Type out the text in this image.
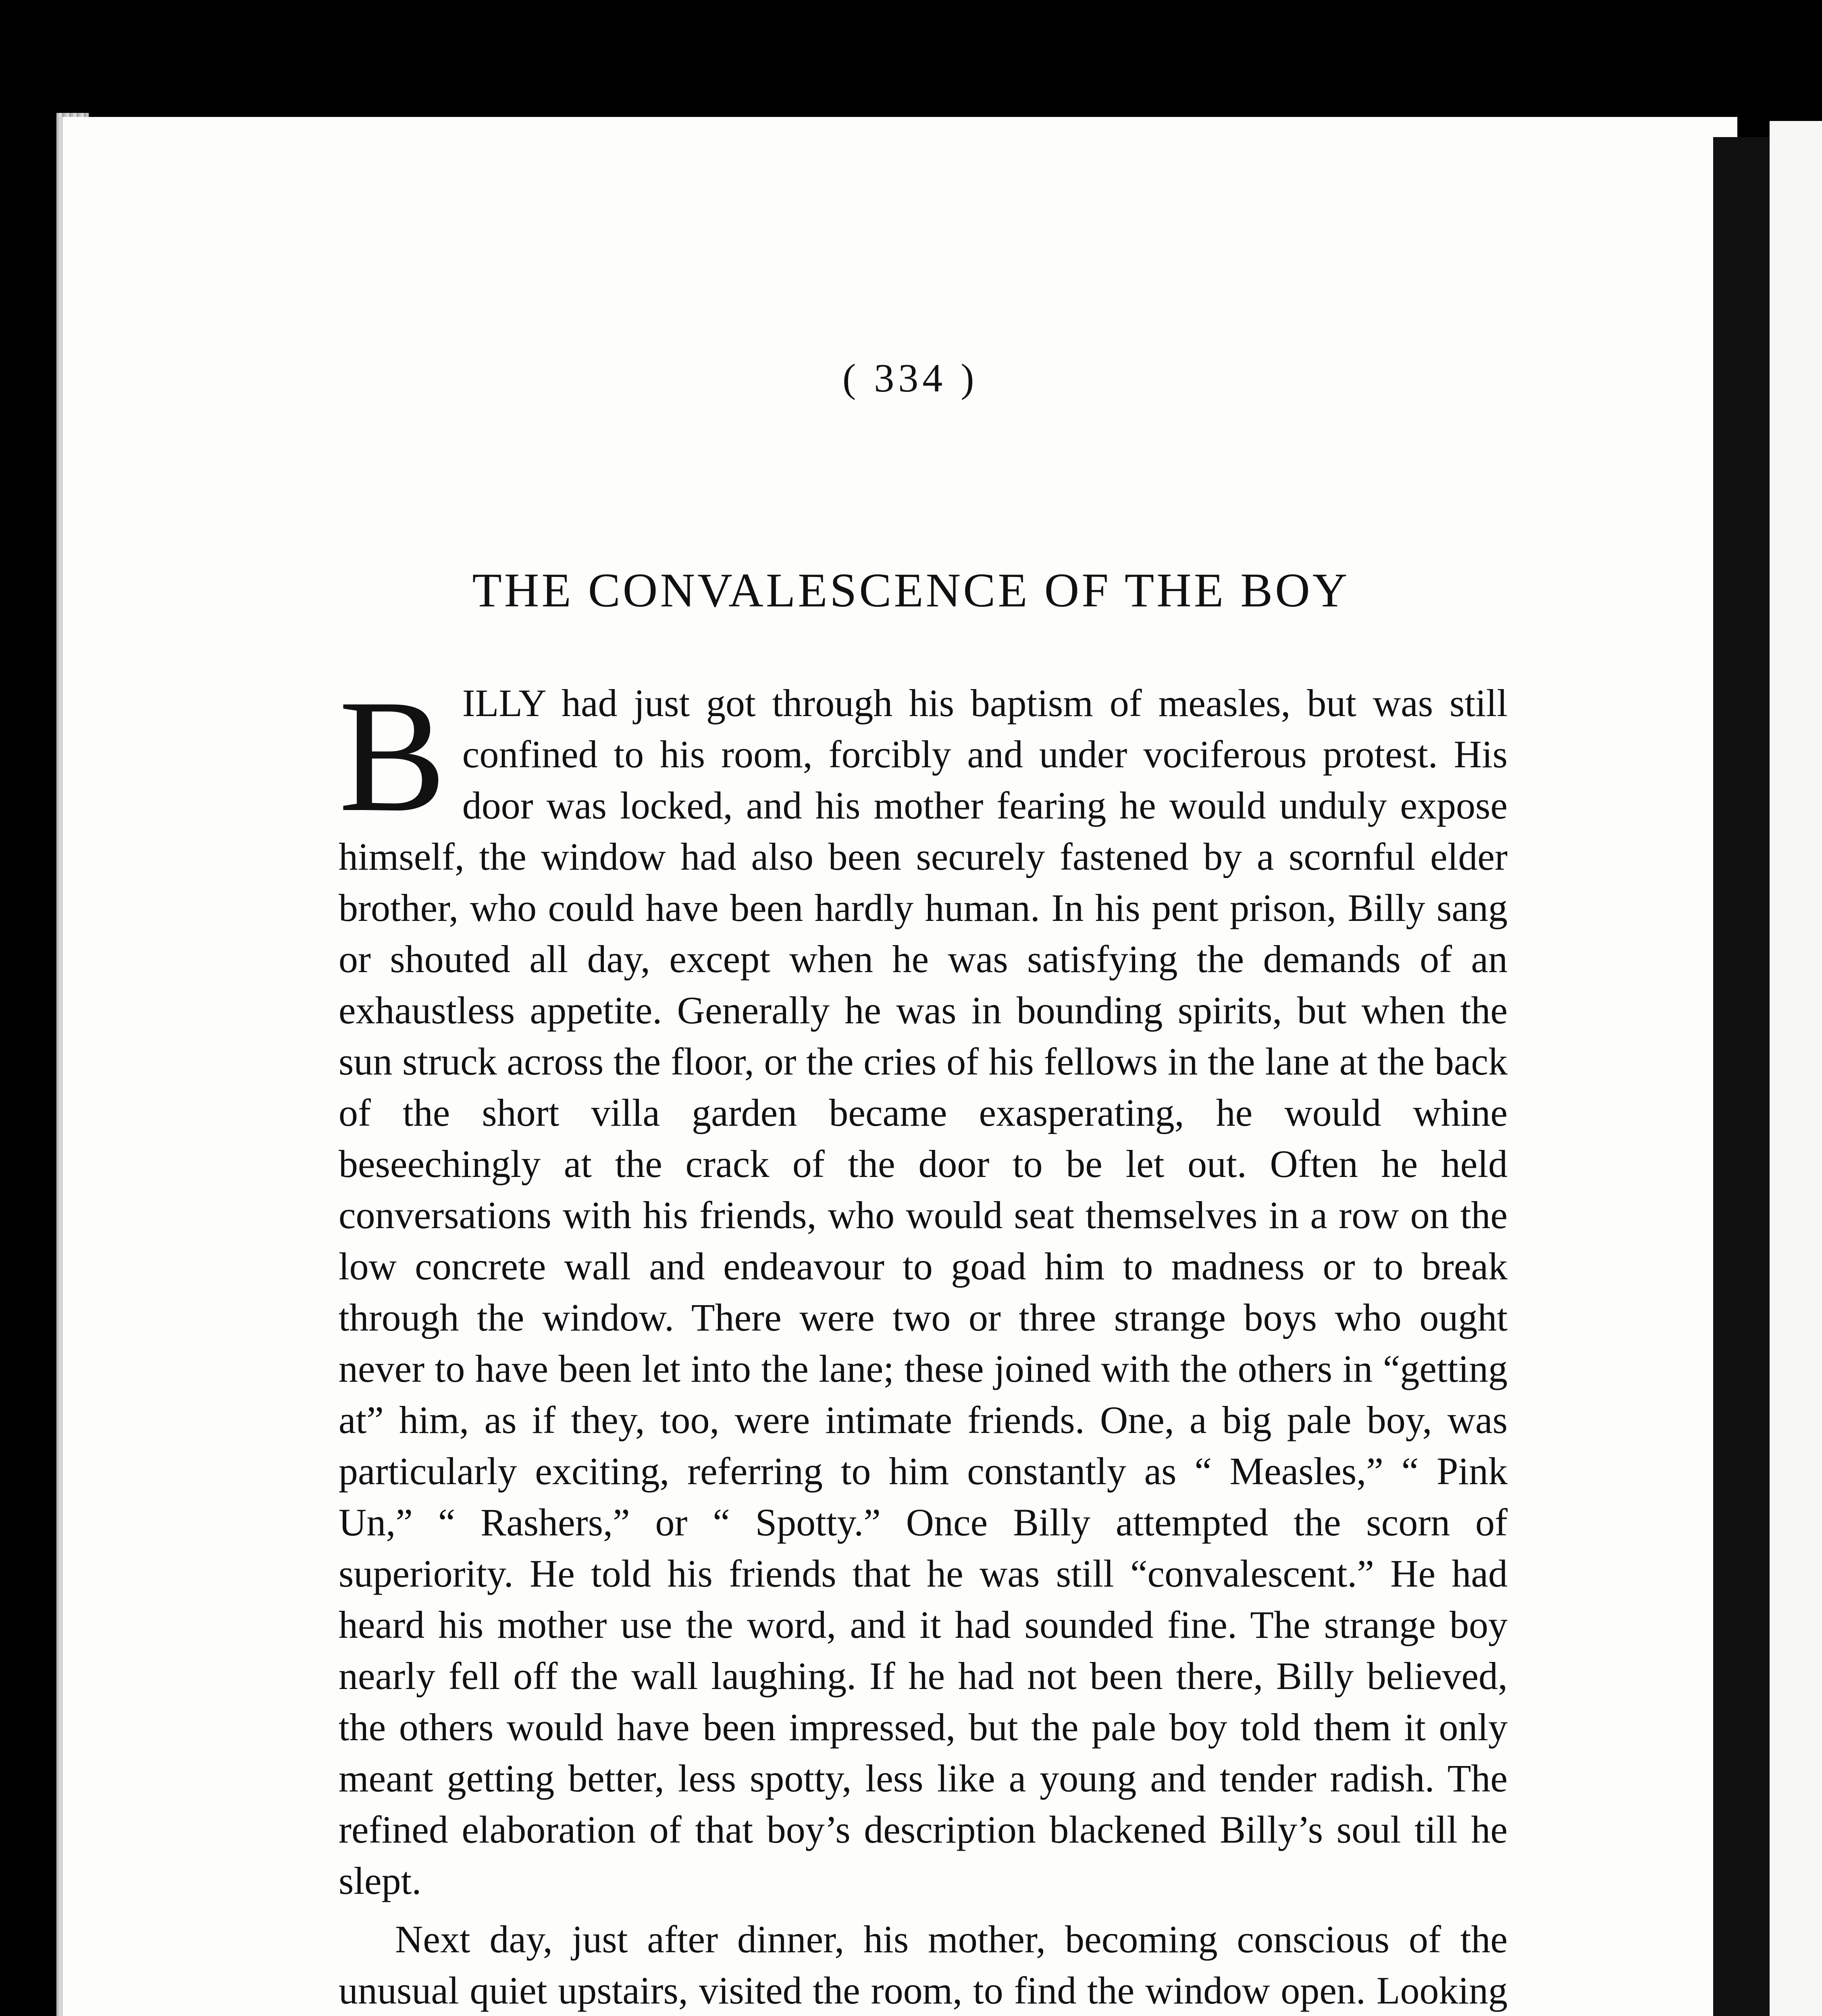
( 334 )
THE CONVALESCENCE OF THE BOY

BILLY had just got through his baptism of measles, but was still confined to his room, forcibly and under vociferous protest. His door was locked, and his mother fearing he would unduly expose himself, the window had also been securely fastened by a scornful elder brother, who could have been hardly human. In his pent prison, Billy sang or shouted all day, except when he was satisfying the demands of an exhaustless appetite. Generally he was in bounding spirits, but when the sun struck across the floor, or the cries of his fellows in the lane at the back of the short villa garden became exasperating, he would whine beseechingly at the crack of the door to be let out. Often he held conversations with his friends, who would seat themselves in a row on the low concrete wall and endeavour to goad him to madness or to break through the window. There were two or three strange boys who ought never to have been let into the lane; these joined with the others in “getting at” him, as if they, too, were intimate friends. One, a big pale boy, was particularly exciting, referring to him constantly as “ Measles,” “ Pink Un,” “ Rashers,” or “ Spotty.” Once Billy attempted the scorn of superiority. He told his friends that he was still “convalescent.” He had heard his mother use the word, and it had sounded fine. The strange boy nearly fell off the wall laughing. If he had not been there, Billy believed, the others would have been impressed, but the pale boy told them it only meant getting better, less spotty, less like a young and tender radish. The refined elaboration of that boy’s description blackened Billy’s soul till he slept.

Next day, just after dinner, his mother, becoming conscious of the unusual quiet upstairs, visited the room, to find the window open. Looking
